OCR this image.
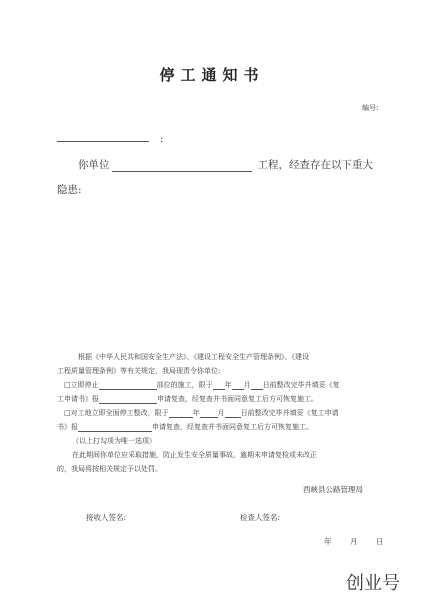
停工通知书
编号:
:
你单位	工程，经查存在以下重大
隐患:
根据《中华人民共和国安全生产法》、《建设工程安全生产管理条例》、《建设
工程质量管理条例》等有关规定，我局现责令你单位:
□立即停止	部位的施工，限于 年 月 日前整改完毕并填妥《复
工申请书》报	申请复查，经复查并书面同意复工后方可恢复施工。
□对工地立即全面停工整改，限于	年	月 日前整改完毕并填妥《复工申请
书》报	申请复查，经复查并书面同意复工后方可恢复施工。
（以上打勾项为唯一选项）
在此期间你单位应采取措施，防止发生安全质量事故。逾期未申请复检或未改正
的，我局将按相关规定予以处罚。
西峡县公路管理局
接收人签名:	检查人签名:
年 月 日
创业号
